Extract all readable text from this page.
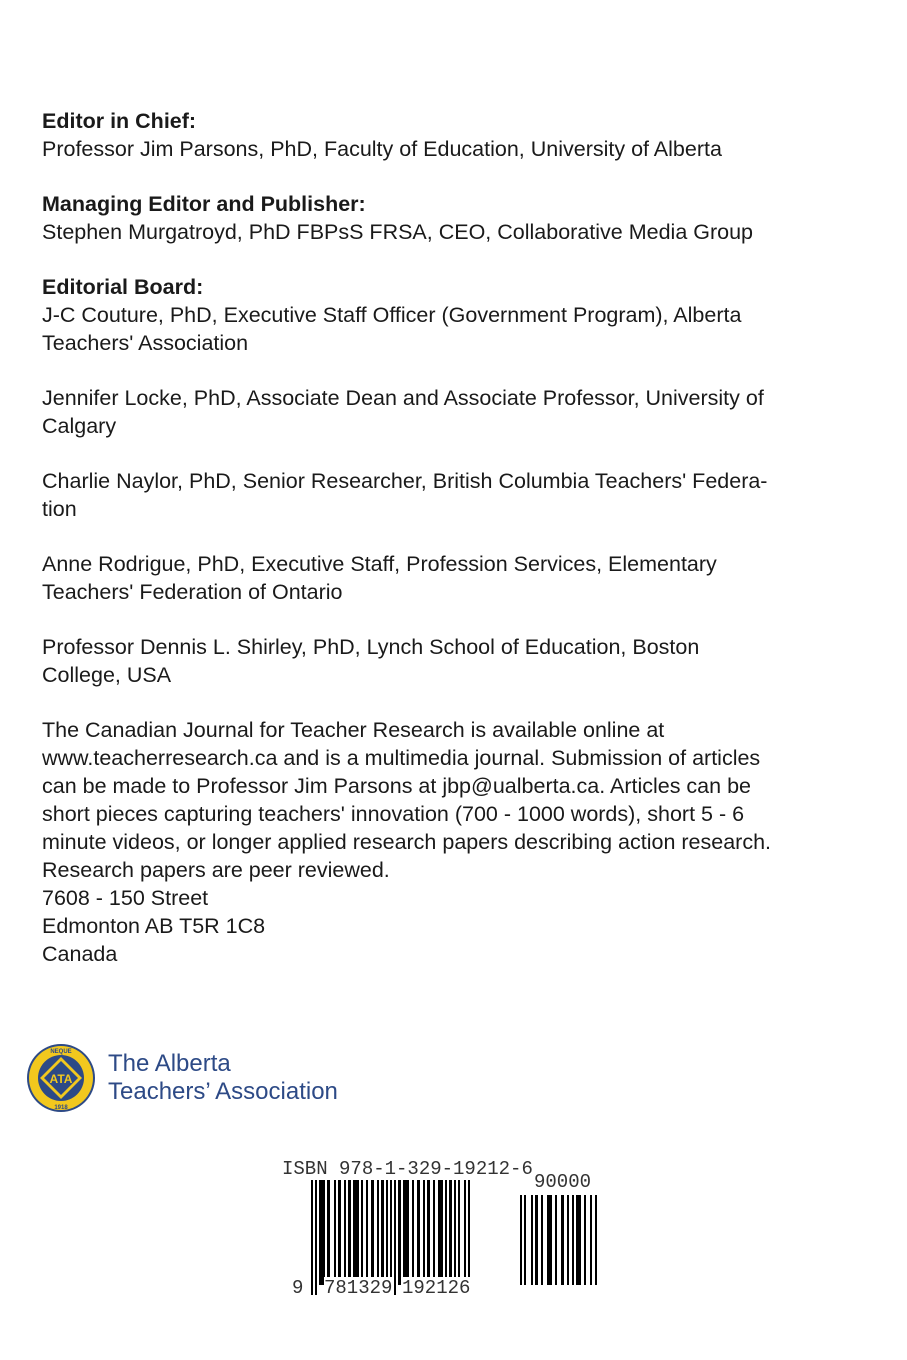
Editor in Chief:
Professor Jim Parsons, PhD, Faculty of Education, University of Alberta
Managing Editor and Publisher:
Stephen Murgatroyd, PhD FBPsS FRSA, CEO, Collaborative Media Group
Editorial Board:
J-C Couture, PhD, Executive Staff Officer (Government Program), Alberta
Teachers' Association
Jennifer Locke, PhD, Associate Dean and Associate Professor, University of
Calgary
Charlie Naylor, PhD, Senior Researcher, British Columbia Teachers' Federa-
tion
Anne Rodrigue, PhD, Executive Staff, Profession Services, Elementary
Teachers' Federation of Ontario
Professor Dennis L. Shirley, PhD, Lynch School of Education, Boston
College, USA

The Canadian Journal for Teacher Research is available online at

www.teacherresearch.ca and is a multimedia journal. Submission of articles

can be made to Professor Jim Parsons at jbp@ualberta.ca. Articles can be

short pieces capturing teachers' innovation (700 - 1000 words), short 5 - 6

minute videos, or longer applied research papers describing action research.

Research papers are peer reviewed.

7608 - 150 Street

Edmonton AB T5R 1C8

Canada

ATA
NEQUE
1918
The Alberta
Teachers’ Association
ISBN 978-1-329-19212-6
90000
9 781329 192126
